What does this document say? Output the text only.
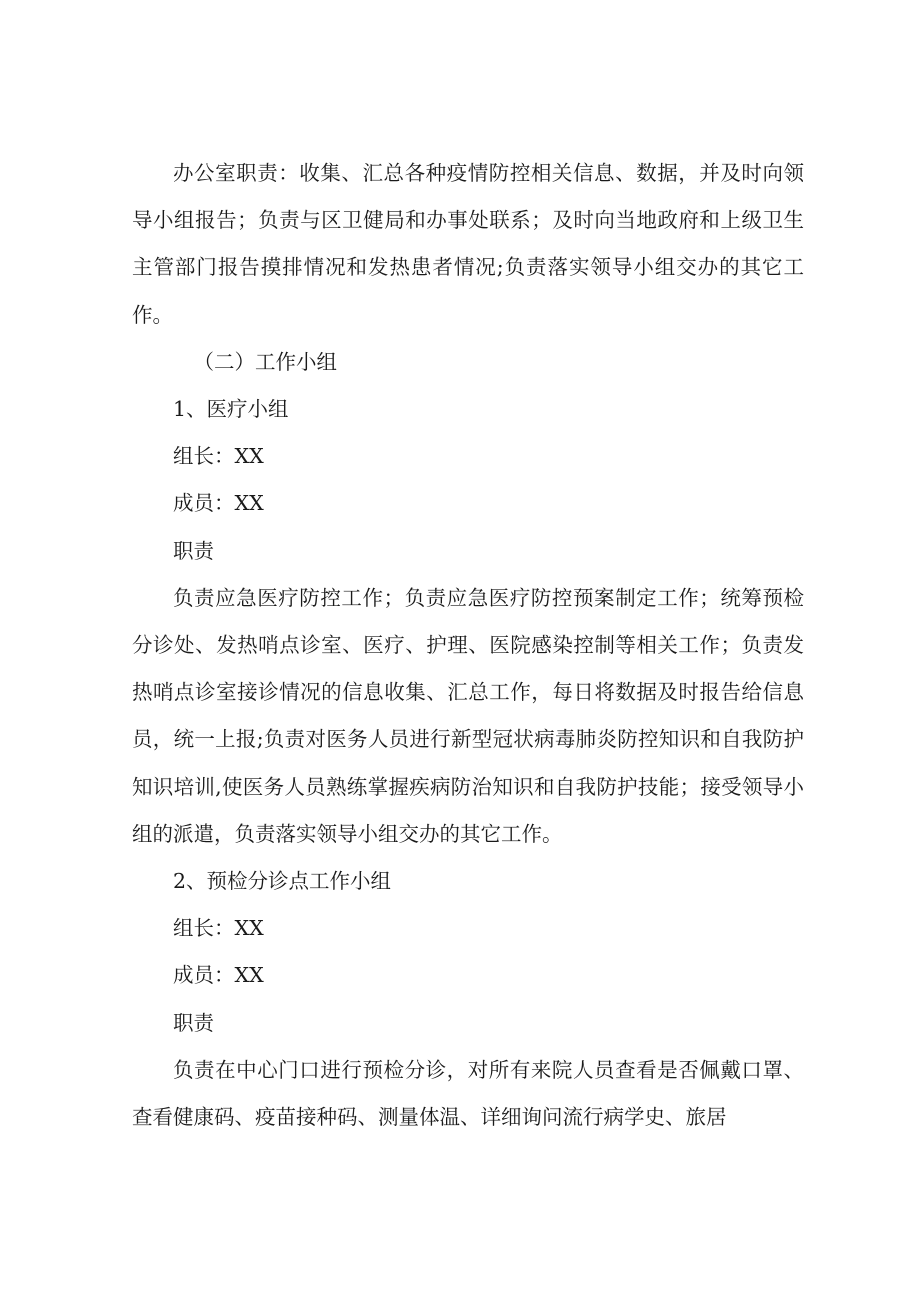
办公室职责：收集、汇总各种疫情防控相关信息、数据，并及时向领导小组报告；负责与区卫健局和办事处联系；及时向当地政府和上级卫生主管部门报告摸排情况和发热患者情况;负责落实领导小组交办的其它工作。

（二）工作小组

1、医疗小组

组长：XX

成员：XX

职责

负责应急医疗防控工作；负责应急医疗防控预案制定工作；统筹预检分诊处、发热哨点诊室、医疗、护理、医院感染控制等相关工作；负责发热哨点诊室接诊情况的信息收集、汇总工作，每日将数据及时报告给信息员，统一上报;负责对医务人员进行新型冠状病毒肺炎防控知识和自我防护知识培训,使医务人员熟练掌握疾病防治知识和自我防护技能；接受领导小组的派遣，负责落实领导小组交办的其它工作。

2、预检分诊点工作小组

组长：XX

成员：XX

职责

负责在中心门口进行预检分诊，对所有来院人员查看是否佩戴口罩、查看健康码、疫苗接种码、测量体温、详细询问流行病学史、旅居
